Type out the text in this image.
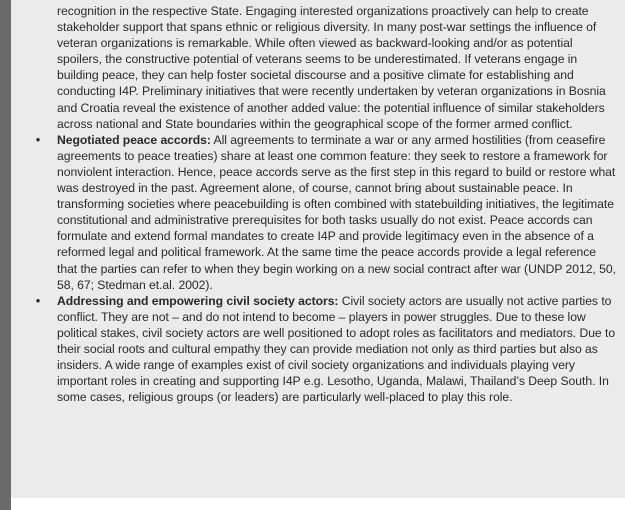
recognition in the respective State. Engaging interested organizations proactively can help to create stakeholder support that spans ethnic or religious diversity. In many post-war settings the influence of veteran organizations is remarkable. While often viewed as backward-looking and/or as potential spoilers, the constructive potential of veterans seems to be underestimated. If veterans engage in building peace, they can help foster societal discourse and a positive climate for establishing and conducting I4P. Preliminary initiatives that were recently undertaken by veteran organizations in Bosnia and Croatia reveal the existence of another added value: the potential influence of similar stakeholders across national and State boundaries within the geographical scope of the former armed conflict.

• Negotiated peace accords: All agreements to terminate a war or any armed hostilities (from ceasefire agreements to peace treaties) share at least one common feature: they seek to restore a framework for nonviolent interaction. Hence, peace accords serve as the first step in this regard to build or restore what was destroyed in the past. Agreement alone, of course, cannot bring about sustainable peace. In transforming societies where peacebuilding is often combined with statebuilding initiatives, the legitimate constitutional and administrative prerequisites for both tasks usually do not exist. Peace accords can formulate and extend formal mandates to create I4P and provide legitimacy even in the absence of a reformed legal and political framework. At the same time the peace accords provide a legal reference that the parties can refer to when they begin working on a new social contract after war (UNDP 2012, 50, 58, 67; Stedman et.al. 2002).
• Addressing and empowering civil society actors: Civil society actors are usually not active parties to conflict. They are not – and do not intend to become – players in power struggles. Due to these low political stakes, civil society actors are well positioned to adopt roles as facilitators and mediators. Due to their social roots and cultural empathy they can provide mediation not only as third parties but also as insiders. A wide range of examples exist of civil society organizations and individuals playing very important roles in creating and supporting I4P e.g. Lesotho, Uganda, Malawi, Thailand’s Deep South. In some cases, religious groups (or leaders) are particularly well-placed to play this role.
